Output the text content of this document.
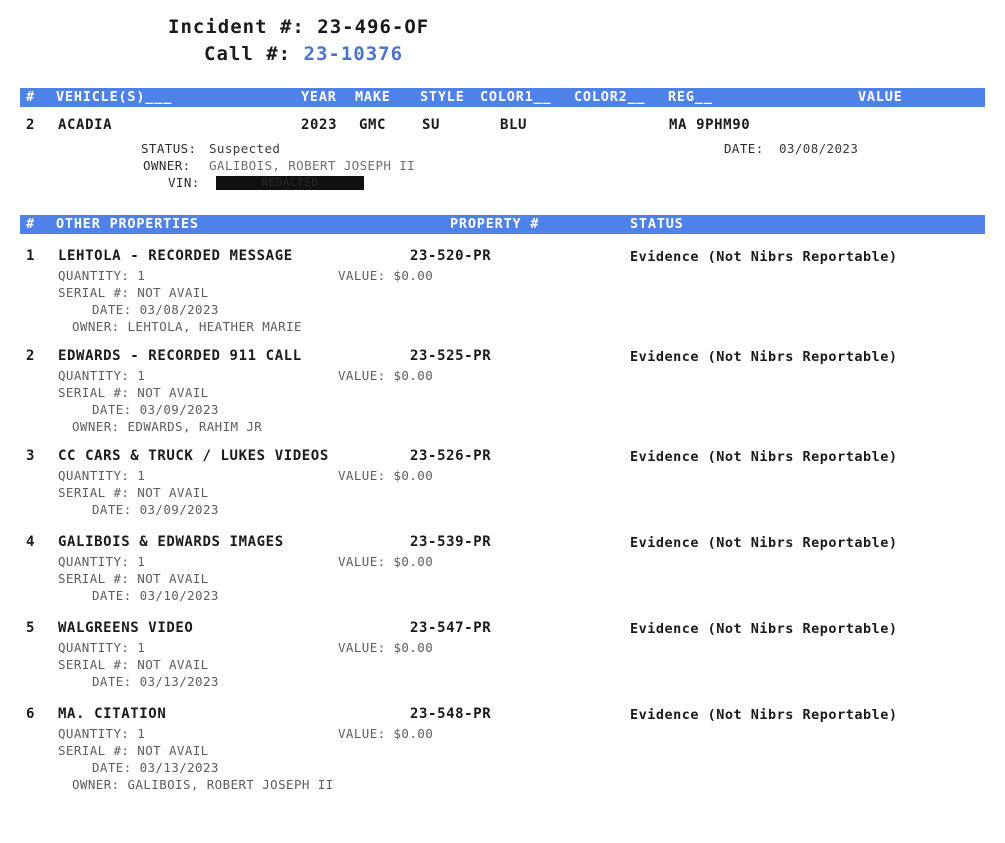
Incident #: 23-496-OF
Call #: 23-10376
# VEHICLE(S)___	YEAR MAKE STYLE COLOR1__ COLOR2__ REG__	VALUE
2 ACADIA	2023 GMC	SU	BLU	MA 9PHM90
STATUS: Suspected	DATE: 03/08/2023
OWNER: GALIBOIS, ROBERT JOSEPH II
VIN:	REDACTED
# OTHER PROPERTIES	PROPERTY #	STATUS
1 LEHTOLA - RECORDED MESSAGE	23-520-PR	Evidence (Not Nibrs Reportable)
QUANTITY: 1	VALUE: $0.00
SERIAL #: NOT AVAIL
DATE: 03/08/2023
OWNER: LEHTOLA, HEATHER MARIE
2 EDWARDS - RECORDED 911 CALL	23-525-PR	Evidence (Not Nibrs Reportable)
QUANTITY: 1	VALUE: $0.00
SERIAL #: NOT AVAIL
DATE: 03/09/2023
OWNER: EDWARDS, RAHIM JR
3 CC CARS & TRUCK / LUKES VIDEOS	23-526-PR	Evidence (Not Nibrs Reportable)
QUANTITY: 1	VALUE: $0.00
SERIAL #: NOT AVAIL
DATE: 03/09/2023
4 GALIBOIS & EDWARDS IMAGES	23-539-PR	Evidence (Not Nibrs Reportable)
QUANTITY: 1	VALUE: $0.00
SERIAL #: NOT AVAIL
DATE: 03/10/2023
5 WALGREENS VIDEO	23-547-PR	Evidence (Not Nibrs Reportable)
QUANTITY: 1	VALUE: $0.00
SERIAL #: NOT AVAIL
DATE: 03/13/2023
6 MA. CITATION	23-548-PR	Evidence (Not Nibrs Reportable)
QUANTITY: 1	VALUE: $0.00
SERIAL #: NOT AVAIL
DATE: 03/13/2023
OWNER: GALIBOIS, ROBERT JOSEPH II
